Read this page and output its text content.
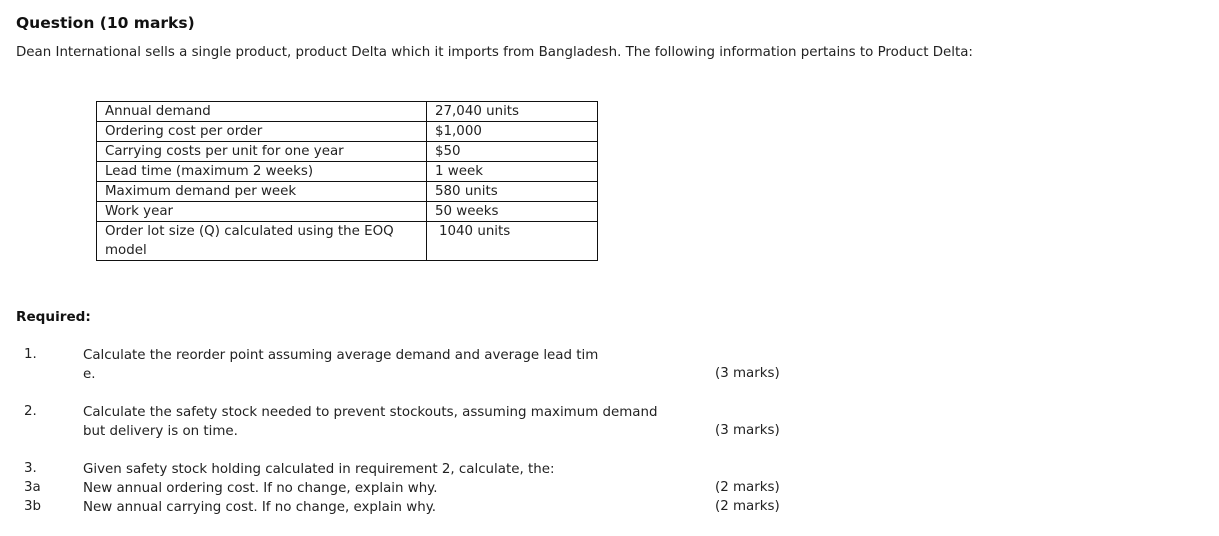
Question (10 marks)
Dean International sells a single product, product Delta which it imports from Bangladesh. The following information pertains to Product Delta:
Annual demand	27,040 units
Ordering cost per order	$1,000
Carrying costs per unit for one year	$50
Lead time (maximum 2 weeks)	1 week
Maximum demand per week	580 units
Work year	50 weeks
Order lot size (Q) calculated using the EOQ model	1040 units
Required:
1.	Calculate the reorder point assuming average demand and average lead tim
e.	(3 marks)
2.	Calculate the safety stock needed to prevent stockouts, assuming maximum demand
but delivery is on time.	(3 marks)
3.	Given safety stock holding calculated in requirement 2, calculate, the:
3a	New annual ordering cost. If no change, explain why.	(2 marks)
3b	New annual carrying cost. If no change, explain why.	(2 marks)
